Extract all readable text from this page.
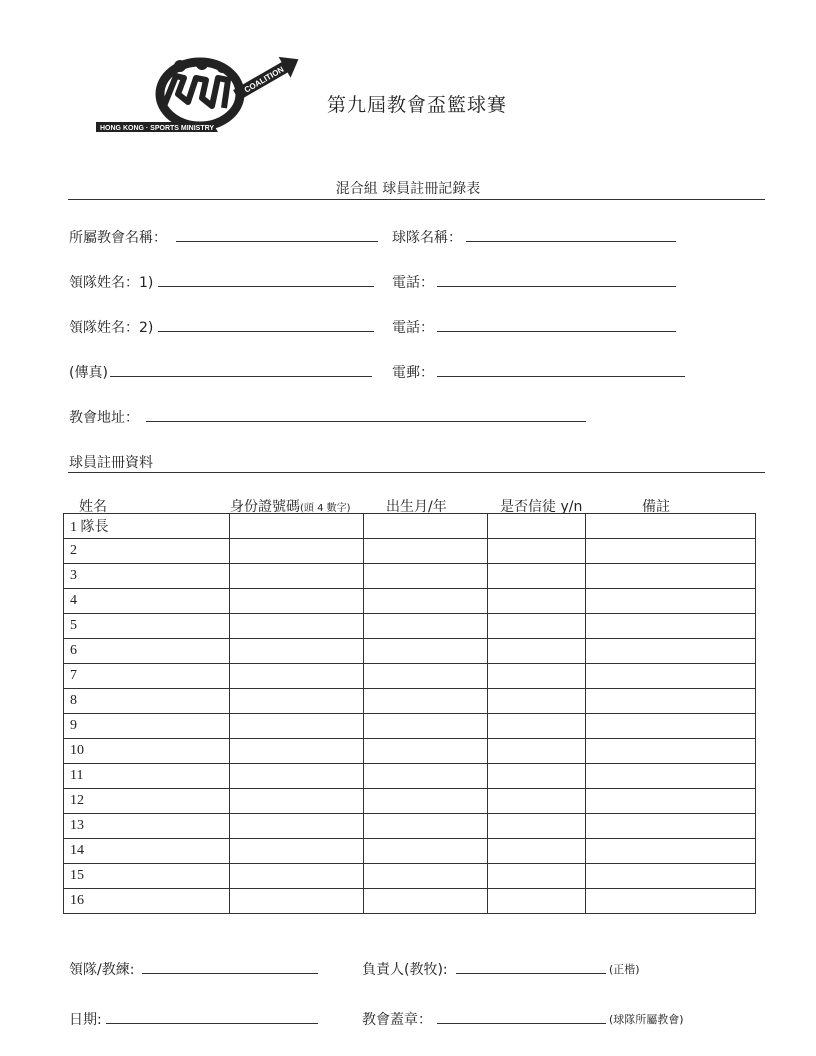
HONG KONG · SPORTS MINISTRY
COALITION
第九屆教會盃籃球賽
混合組 球員註冊記錄表
所屬教會名稱：	球隊名稱：
領隊姓名：1)	電話：
領隊姓名：2)	電話：
(傳真)	電郵：
教會地址：
球員註冊資料
姓名	身份證號碼(頭 4 數字)	出生月/年	是否信徒 y/n	備註
1 隊長				
2				
3				
4				
5				
6				
7				
8				
9				
10				
11				
12				
13				
14				
15				
16				
領隊/教練:	負責人(教牧):	(正楷)
日期:	教會蓋章：	(球隊所屬教會)
